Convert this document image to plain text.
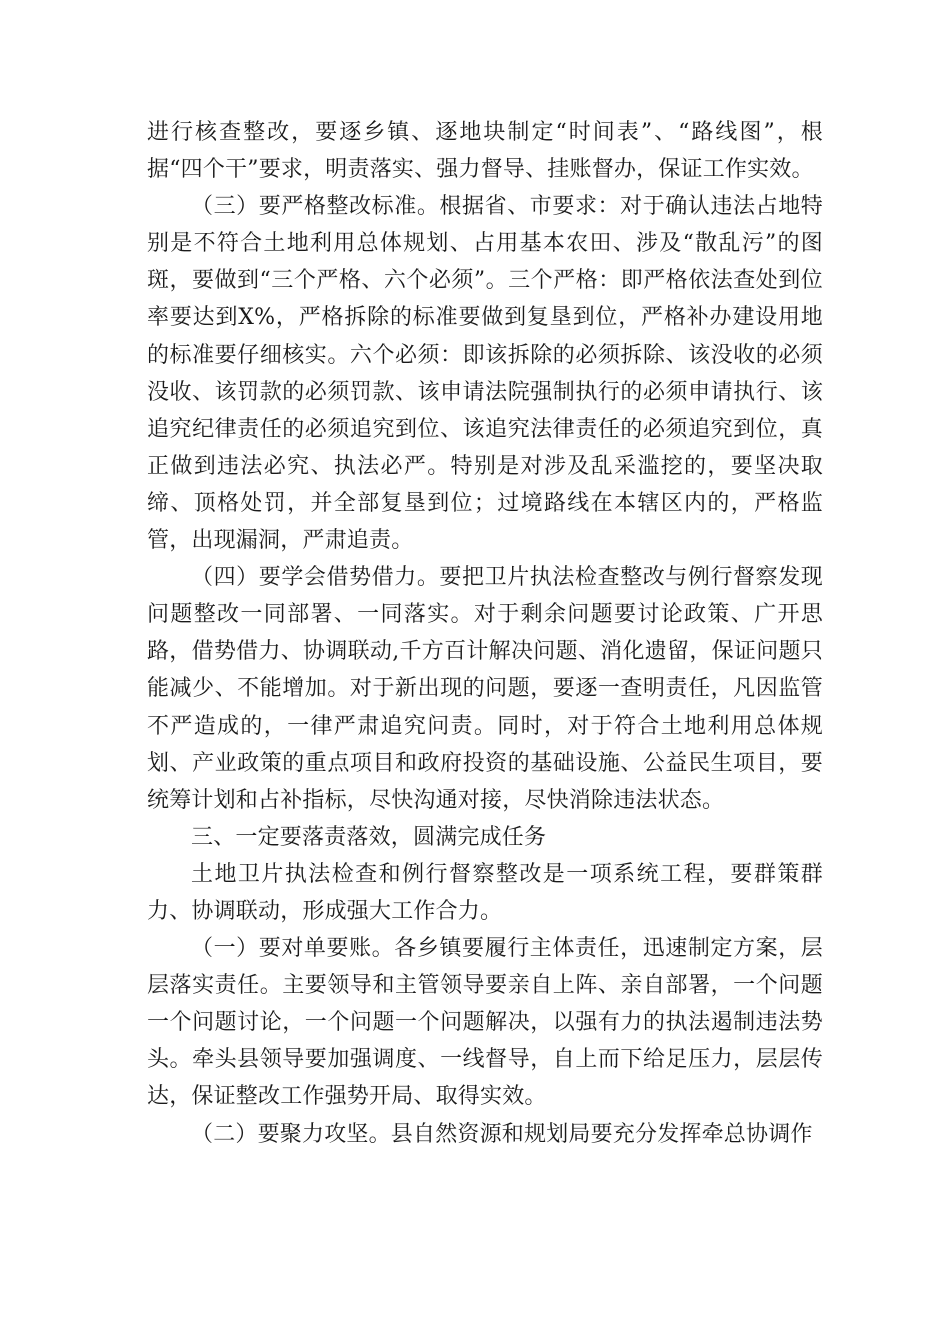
进行核查整改，要逐乡镇、逐地块制定“时间表”、“路线图”，根据“四个干”要求，明责落实、强力督导、挂账督办，保证工作实效。

（三）要严格整改标准。根据省、市要求：对于确认违法占地特别是不符合土地利用总体规划、占用基本农田、涉及“散乱污”的图斑，要做到“三个严格、六个必须”。三个严格：即严格依法查处到位率要达到X%，严格拆除的标准要做到复垦到位，严格补办建设用地的标准要仔细核实。六个必须：即该拆除的必须拆除、该没收的必须没收、该罚款的必须罚款、该申请法院强制执行的必须申请执行、该追究纪律责任的必须追究到位、该追究法律责任的必须追究到位，真正做到违法必究、执法必严。特别是对涉及乱采滥挖的，要坚决取缔、顶格处罚，并全部复垦到位；过境路线在本辖区内的，严格监管，出现漏洞，严肃追责。

（四）要学会借势借力。要把卫片执法检查整改与例行督察发现问题整改一同部署、一同落实。对于剩余问题要讨论政策、广开思路，借势借力、协调联动,千方百计解决问题、消化遗留，保证问题只能减少、不能增加。对于新出现的问题，要逐一查明责任，凡因监管不严造成的，一律严肃追究问责。同时，对于符合土地利用总体规划、产业政策的重点项目和政府投资的基础设施、公益民生项目，要统筹计划和占补指标，尽快沟通对接，尽快消除违法状态。

三、一定要落责落效，圆满完成任务

土地卫片执法检查和例行督察整改是一项系统工程，要群策群力、协调联动，形成强大工作合力。

（一）要对单要账。各乡镇要履行主体责任，迅速制定方案，层层落实责任。主要领导和主管领导要亲自上阵、亲自部署，一个问题一个问题讨论，一个问题一个问题解决，以强有力的执法遏制违法势头。牵头县领导要加强调度、一线督导，自上而下给足压力，层层传达，保证整改工作强势开局、取得实效。

（二）要聚力攻坚。县自然资源和规划局要充分发挥牵总协调作
